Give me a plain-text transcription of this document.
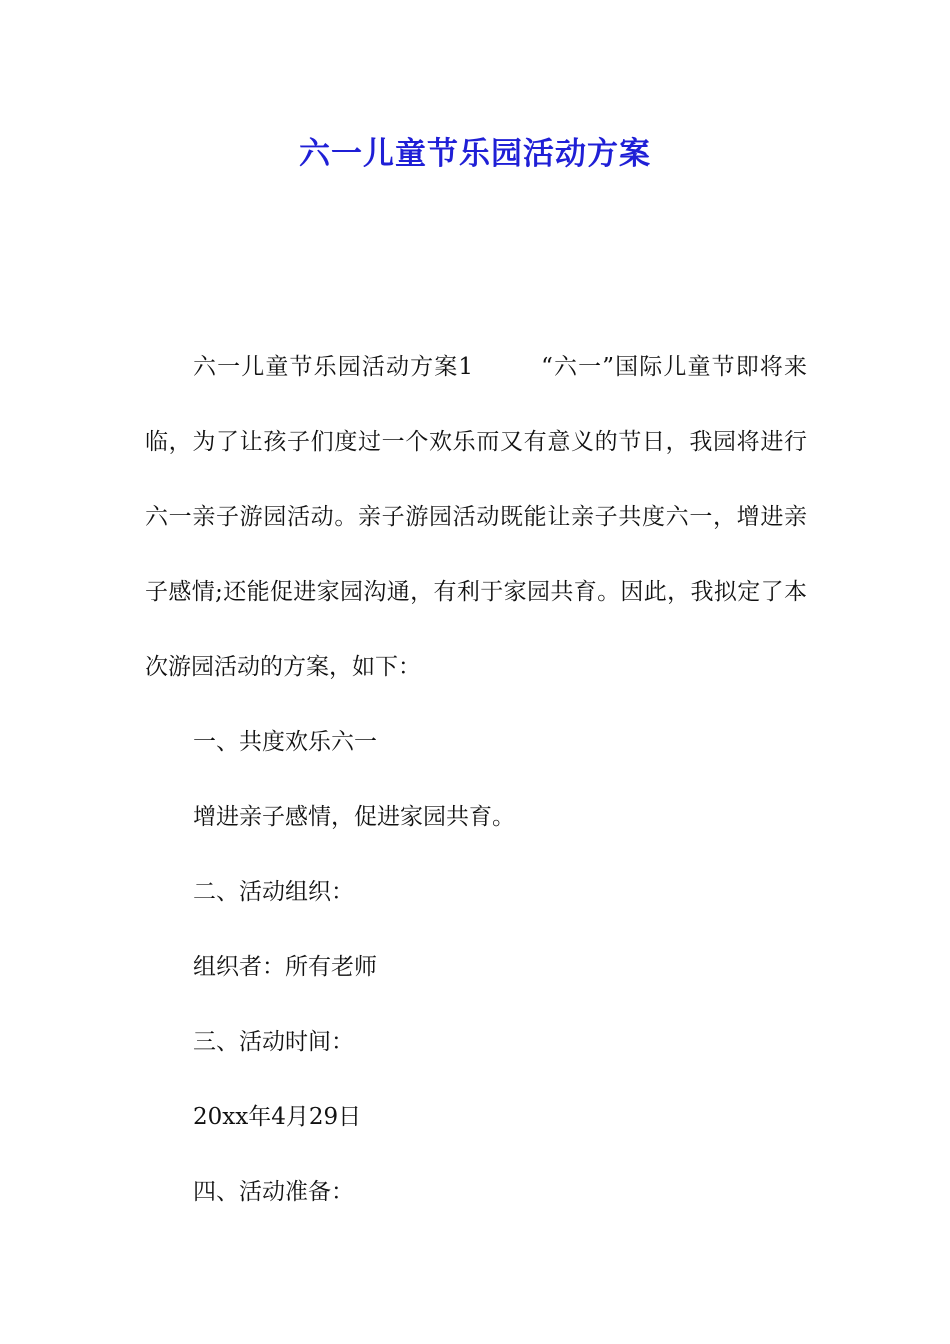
六一儿童节乐园活动方案

六一儿童节乐园活动方案1	“六一”国际儿童节即将来临，为了让孩子们度过一个欢乐而又有意义的节日，我园将进行六一亲子游园活动。亲子游园活动既能让亲子共度六一，增进亲子感情;还能促进家园沟通，有利于家园共育。因此，我拟定了本次游园活动的方案，如下：

一、共度欢乐六一

增进亲子感情，促进家园共育。

二、活动组织：

组织者：所有老师

三、活动时间：

20xx年4月29日

四、活动准备：
